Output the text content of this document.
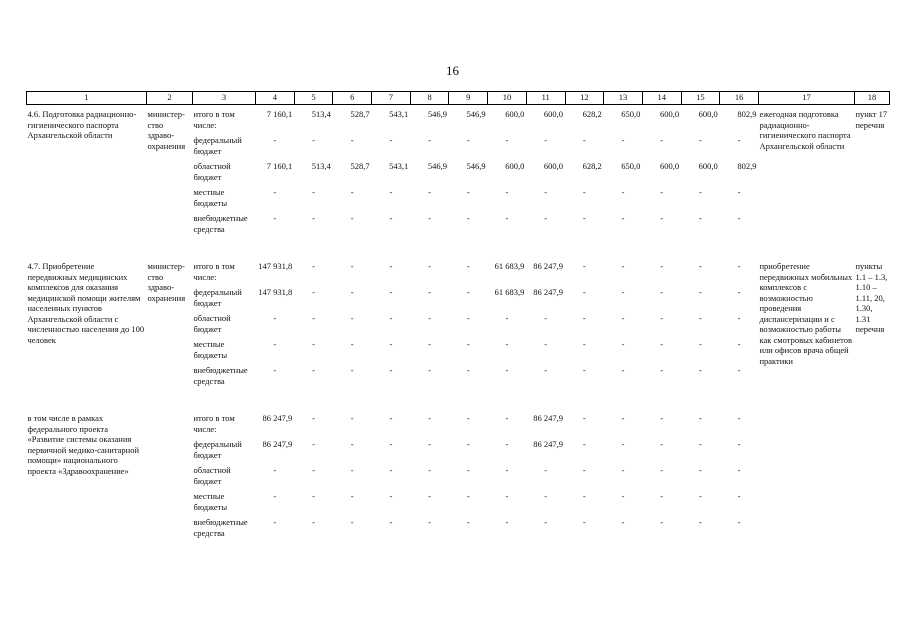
16
1	2	3	4	5	6	7	8	9	10	11	12	13	14	15	16	17	18

4.6. Подготовка радиационно-гигиенического паспорта Архангельской области	министер-ство здраво-охранения	итого в том числе:	7 160,1	513,4	528,7	543,1	546,9	546,9	600,0	600,0	628,2	650,0	600,0	600,0	802,9	ежегодная подготовка радиационно-гигиенического паспорта Архангельской области	пункт 17 перечня
		федеральный бюджет	-	-	-	-	-	-	-	-	-	-	-	-	-		
		областной бюджет	7 160,1	513,4	528,7	543,1	546,9	546,9	600,0	600,0	628,2	650,0	600,0	600,0	802,9		
		местные бюджеты	-	-	-	-	-	-	-	-	-	-	-	-	-		
		внебюджетные средства	-	-	-	-	-	-	-	-	-	-	-	-	-		

4.7. Приобретение передвижных медицинских комплексов для оказания медицинской помощи жителям населенных пунктов Архангельской области с численностью населения до 100 человек	министер-ство здраво-охранения	итого в том числе:	147 931,8	-	-	-	-	-	61 683,9	86 247,9	-	-	-	-	-	приобретение передвижных мобильных комплексов с возможностью проведения диспансеризации и с возможностью работы как смотровых кабинетов или офисов врача общей практики	пункты 1.1 – 1.3, 1.10 – 1.11, 20, 1.30, 1.31 перечня
		федеральный бюджет	147 931,8	-	-	-	-	-	61 683,9	86 247,9	-	-	-	-	-		
		областной бюджет	-	-	-	-	-	-	-	-	-	-	-	-	-		
		местные бюджеты	-	-	-	-	-	-	-	-	-	-	-	-	-		
		внебюджетные средства	-	-	-	-	-	-	-	-	-	-	-	-	-		

в том числе в рамках федерального проекта «Развитие системы оказания первичной медико-санитарной помощи» национального проекта «Здравоохранение»		итого в том числе:	86 247,9	-	-	-	-	-	-	86 247,9	-	-	-	-	-		
		федеральный бюджет	86 247,9	-	-	-	-	-	-	86 247,9	-	-	-	-	-		
		областной бюджет	-	-	-	-	-	-	-	-	-	-	-	-	-		
		местные бюджеты	-	-	-	-	-	-	-	-	-	-	-	-	-		
		внебюджетные средства	-	-	-	-	-	-	-	-	-	-	-	-	-		
